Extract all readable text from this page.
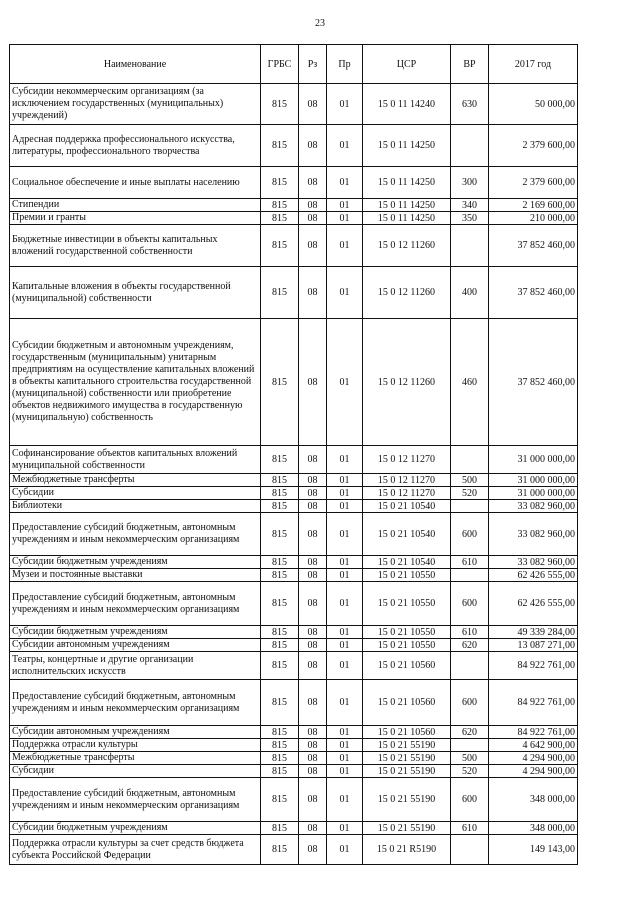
23
Наименование	ГРБС	Рз	Пр	ЦСР	ВР	2017 год
Субсидии некоммерческим организациям (за исключением государственных (муниципальных) учреждений)	815	08	01	15 0 11 14240	630	50 000,00
Адресная поддержка профессионального искусства, литературы, профессионального творчества	815	08	01	15 0 11 14250		2 379 600,00
Социальное обеспечение и иные выплаты населению	815	08	01	15 0 11 14250	300	2 379 600,00
Стипендии	815	08	01	15 0 11 14250	340	2 169 600,00
Премии и гранты	815	08	01	15 0 11 14250	350	210 000,00
Бюджетные инвестиции в объекты капитальных вложений государственной собственности	815	08	01	15 0 12 11260		37 852 460,00
Капитальные вложения в объекты государственной (муниципальной) собственности	815	08	01	15 0 12 11260	400	37 852 460,00
Субсидии бюджетным и автономным учреждениям, государственным (муниципальным) унитарным предприятиям на осуществление капитальных вложений в объекты капитального строительства государственной (муниципальной) собственности или приобретение объектов недвижимого имущества в государственную (муниципальную) собственность	815	08	01	15 0 12 11260	460	37 852 460,00
Софинансирование объектов капитальных вложений муниципальной собственности	815	08	01	15 0 12 11270		31 000 000,00
Межбюджетные трансферты	815	08	01	15 0 12 11270	500	31 000 000,00
Субсидии	815	08	01	15 0 12 11270	520	31 000 000,00
Библиотеки	815	08	01	15 0 21 10540		33 082 960,00
Предоставление субсидий бюджетным, автономным учреждениям и иным некоммерческим организациям	815	08	01	15 0 21 10540	600	33 082 960,00
Субсидии бюджетным учреждениям	815	08	01	15 0 21 10540	610	33 082 960,00
Музеи и постоянные выставки	815	08	01	15 0 21 10550		62 426 555,00
Предоставление субсидий бюджетным, автономным учреждениям и иным некоммерческим организациям	815	08	01	15 0 21 10550	600	62 426 555,00
Субсидии бюджетным учреждениям	815	08	01	15 0 21 10550	610	49 339 284,00
Субсидии автономным учреждениям	815	08	01	15 0 21 10550	620	13 087 271,00
Театры, концертные и другие организации исполнительских искусств	815	08	01	15 0 21 10560		84 922 761,00
Предоставление субсидий бюджетным, автономным учреждениям и иным некоммерческим организациям	815	08	01	15 0 21 10560	600	84 922 761,00
Субсидии автономным учреждениям	815	08	01	15 0 21 10560	620	84 922 761,00
Поддержка отрасли культуры	815	08	01	15 0 21 55190		4 642 900,00
Межбюджетные трансферты	815	08	01	15 0 21 55190	500	4 294 900,00
Субсидии	815	08	01	15 0 21 55190	520	4 294 900,00
Предоставление субсидий бюджетным, автономным учреждениям и иным некоммерческим организациям	815	08	01	15 0 21 55190	600	348 000,00
Субсидии бюджетным учреждениям	815	08	01	15 0 21 55190	610	348 000,00
Поддержка отрасли культуры за счет средств бюджета субъекта Российской Федерации	815	08	01	15 0 21 R5190		149 143,00
